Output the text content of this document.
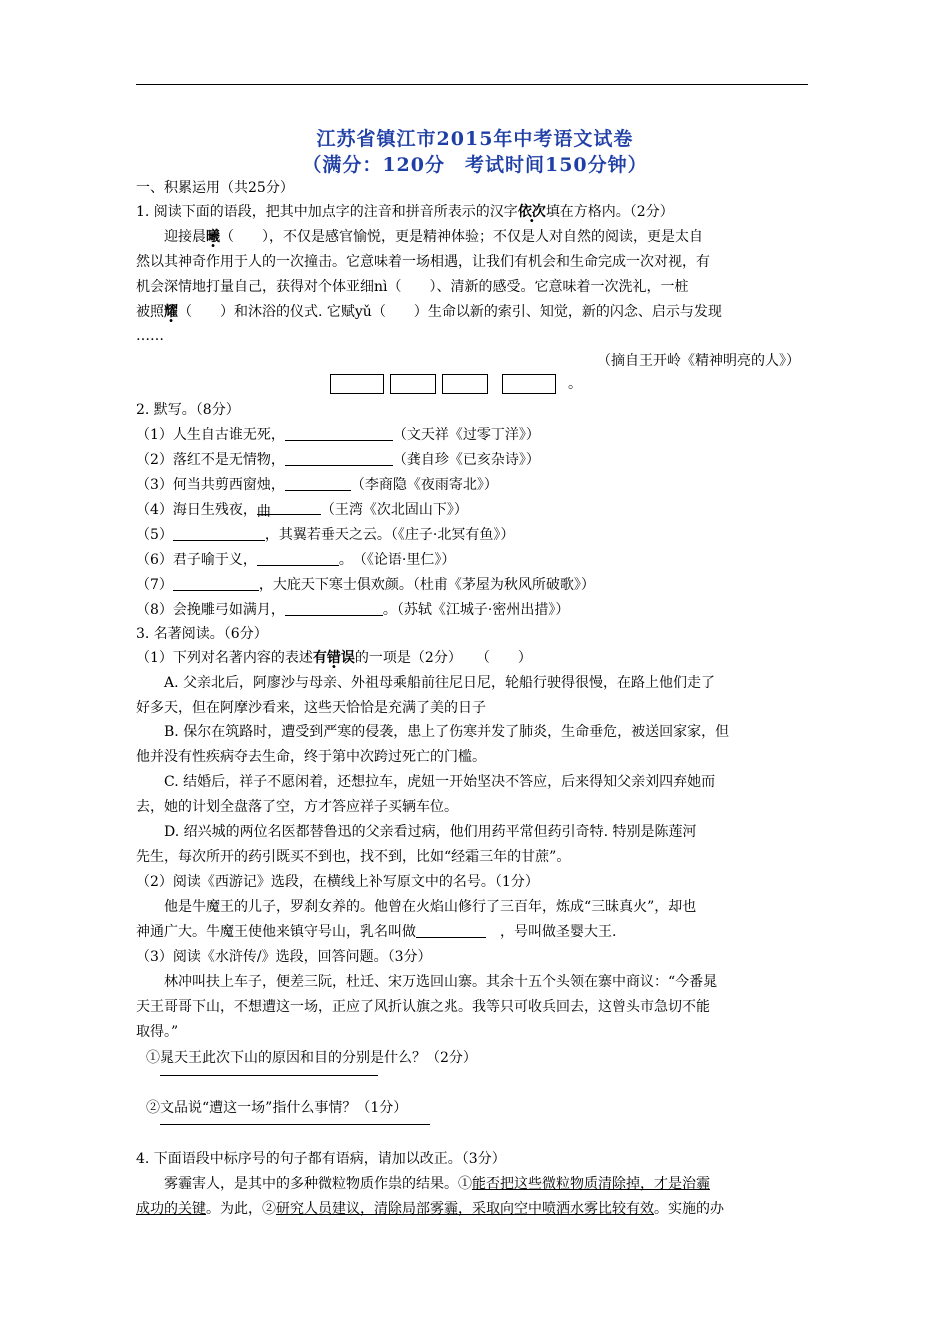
江苏省镇江市2015年中考语文试卷
（满分：120分　考试时间150分钟）
一、积累运用（共25分）
1. 阅读下面的语段，把其中加点字的注音和拼音所表示的汉字依次填在方格内。（2分）
迎接晨曦（　　），不仅是感官愉悦，更是精神体验；不仅是人对自然的阅读，更是太自
然以其神奇作用于人的一次撞击。它意味着一场相遇，让我们有机会和生命完成一次对视，有
机会深情地打量自己，获得对个体亚细nì（　　）、清新的感受。它意味着一次洗礼，一桩
被照耀（　　）和沐浴的仪式. 它赋yǔ（　　）生命以新的索引、知觉，新的闪念、启示与发现
……
（摘自王开岭《精神明亮的人》）
。
2. 默写。（8分）
（1）人生自古谁无死，	（文天祥《过零丁洋》）
（2）落红不是无情物，	（龚自珍《已亥杂诗》）
（3）何当共剪西窗烛，	（李商隐《夜雨寄北》）
（4）海日生残夜，曲	（王湾《次北固山下》）
（5）	，其翼若垂天之云。（《庄子·北冥有鱼》）
（6）君子喻于义，	。　（《论语·里仁》）
（7）	，大庇天下寒士俱欢颜。（杜甫《茅屋为秋风所破歌》）
（8）会挽雕弓如满月，	。（苏轼《江城子·密州出措》）
3. 名著阅读。（6分）
（1）下列对名著内容的表述有错误的一项是（2分）　　（　　）
A. 父亲北后，阿廖沙与母亲、外祖母乘船前往尼日尼，轮船行驶得很慢，在路上他们走了
好多天，但在阿摩沙看来，这些天恰恰是充满了美的日子
B. 保尔在筑路时，遭受到严寒的侵袭，患上了伤寒并发了肺炎，生命垂危，被送回家家，但
他并没有性疾病夺去生命，终于第中次跨过死亡的门槛。
C. 结婚后，祥子不愿闲着，还想拉车，虎妞一开始坚决不答应，后来得知父亲刘四弃她而
去，她的计划全盘落了空，方才答应祥子买辆车位。
D. 绍兴城的两位名医都替鲁迅的父亲看过病，他们用药平常但药引奇特. 特别是陈莲河
先生，每次所开的药引既买不到也，找不到，比如“经霜三年的甘蔗”。
（2）阅读《西游记》选段，在横线上补写原文中的名号。（1分）
他是牛魔王的儿子，罗刹女养的。他曾在火焰山修行了三百年，炼成“三昧真火”，却也
神通广大。牛魔王使他来镇守号山，乳名叫做	　，号叫做圣婴大王.
（3）阅读《水浒传/》选段，回答问题。（3分）
林冲叫扶上车子，便差三阮，杜迁、宋万选回山寨。其余十五个头领在寨中商议：“今番晁
天王哥哥下山，不想遭这一场，正应了风折认旗之兆。我等只可收兵回去，这曾头市急切不能
取得。”
①晁天王此次下山的原因和目的分别是什么？（2分）
②文品说“遭这一场”指什么事情？（1分）
4. 下面语段中标序号的句子都有语病，请加以改正。（3分）
雾霾害人，是其中的多种微粒物质作祟的结果。①能否把这些微粒物质清除掉，才是治霾
成功的关键。为此，②研究人员建议，清除局部雾霾，采取向空中喷洒水雾比较有效。实施的办
